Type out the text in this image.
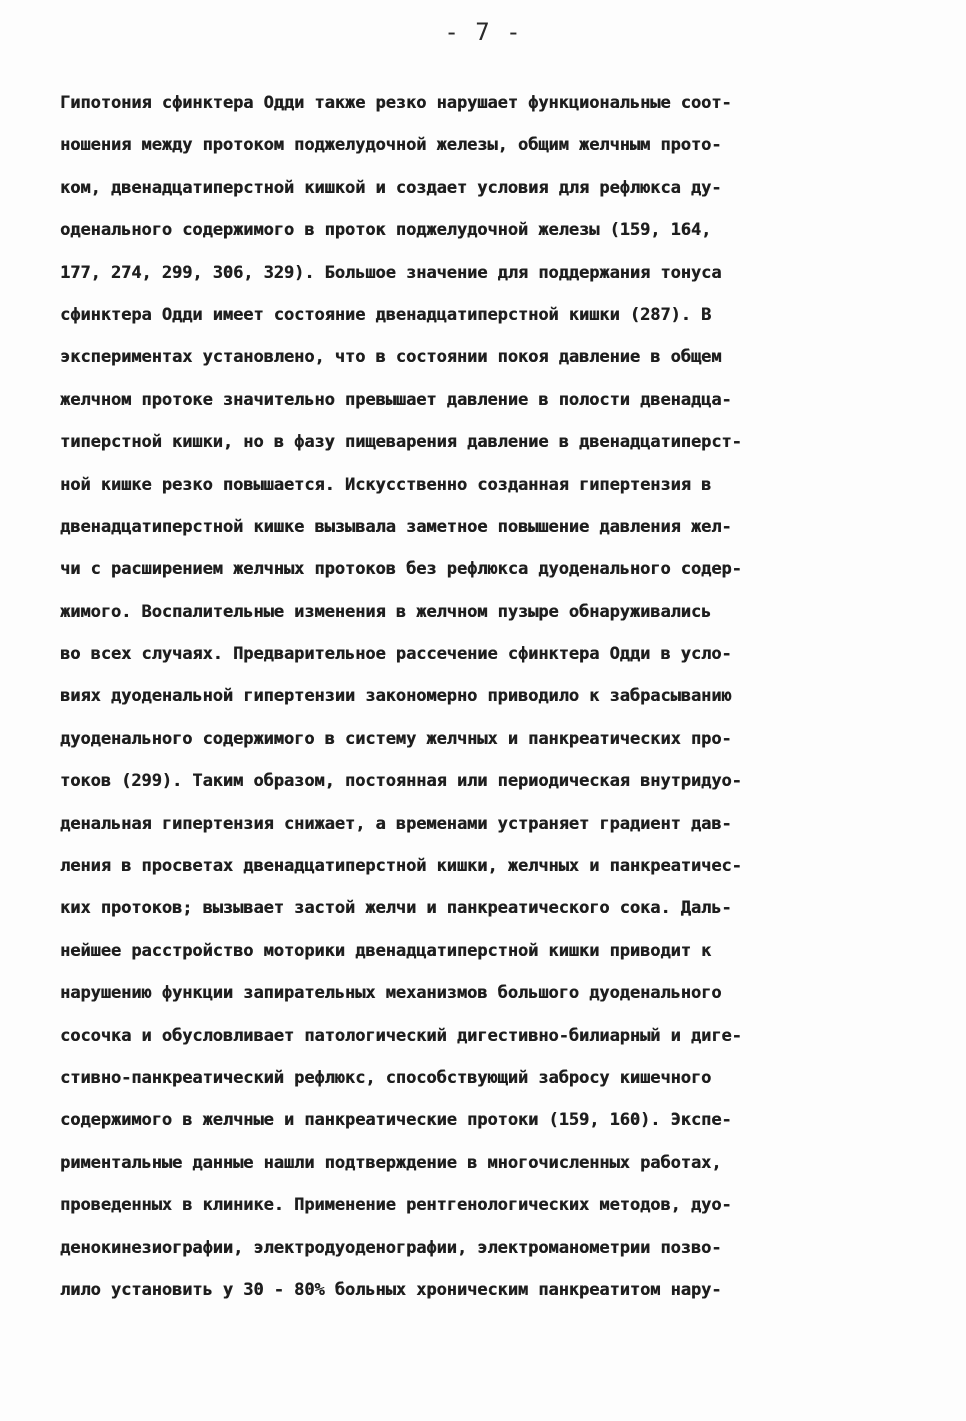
- 7 -
Гипотония сфинктера Одди также резко нарушает функциональные соот-
ношения между протоком поджелудочной железы, общим желчным прото-
ком, двенадцатиперстной кишкой и создает условия для рефлюкса ду-
оденального содержимого в проток поджелудочной железы (159, 164,
177, 274, 299, 306, 329). Большое значение для поддержания тонуса
сфинктера Одди имеет состояние двенадцатиперстной кишки (287). В
экспериментах установлено, что в состоянии покоя давление в общем
желчном протоке значительно превышает давление в полости двенадца-
типерстной кишки, но в фазу пищеварения давление в двенадцатиперст-
ной кишке резко повышается. Искусственно созданная гипертензия в
двенадцатиперстной кишке вызывала заметное повышение давления жел-
чи с расширением желчных протоков без рефлюкса дуоденального содер-
жимого. Воспалительные изменения в желчном пузыре обнаруживались
во всех случаях. Предварительное рассечение сфинктера Одди в усло-
виях дуоденальной гипертензии закономерно приводило к забрасыванию
дуоденального содержимого в систему желчных и панкреатических про-
токов (299). Таким образом, постоянная или периодическая внутридуо-
денальная гипертензия снижает, а временами устраняет градиент дав-
ления в просветах двенадцатиперстной кишки, желчных и панкреатичес-
ких протоков; вызывает застой желчи и панкреатического сока. Даль-
нейшее расстройство моторики двенадцатиперстной кишки приводит к
нарушению функции запирательных механизмов большого дуоденального
сосочка и обусловливает патологический дигестивно-билиарный и диге-
стивно-панкреатический рефлюкс, способствующий забросу кишечного
содержимого в желчные и панкреатические протоки (159, 160). Экспе-
риментальные данные нашли подтверждение в многочисленных работах,
проведенных в клинике. Применение рентгенологических методов, дуо-
денокинезиографии, электродуоденографии, электроманометрии позво-
лило установить у 30 - 80% больных хроническим панкреатитом нару-
